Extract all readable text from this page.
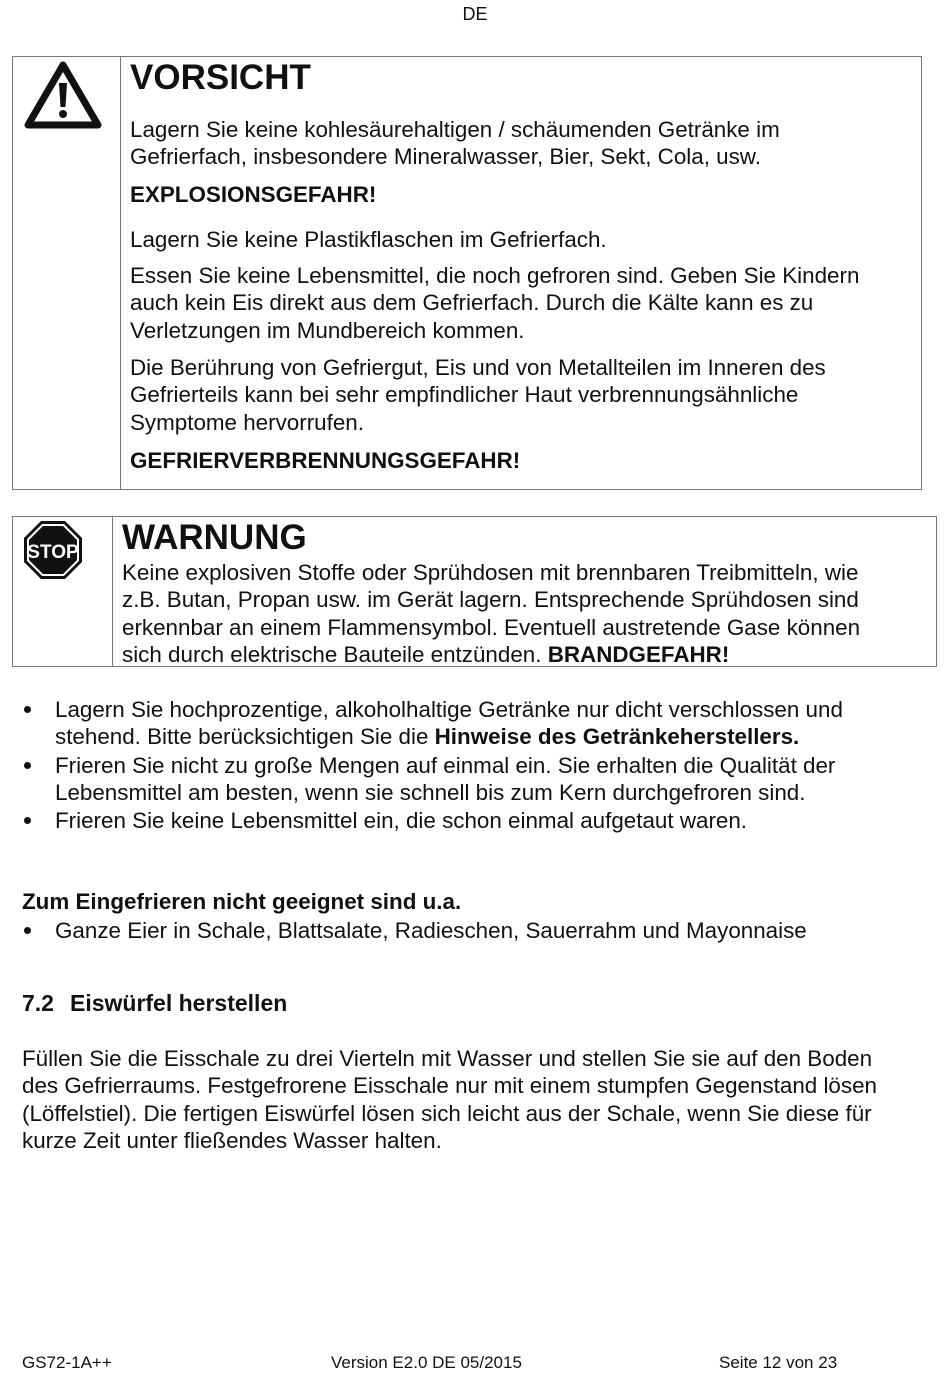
DE
VORSICHT
Lagern Sie keine kohlesäurehaltigen / schäumenden Getränke im
Gefrierfach, insbesondere Mineralwasser, Bier, Sekt, Cola, usw.
EXPLOSIONSGEFAHR!
Lagern Sie keine Plastikflaschen im Gefrierfach.
Essen Sie keine Lebensmittel, die noch gefroren sind. Geben Sie Kindern
auch kein Eis direkt aus dem Gefrierfach. Durch die Kälte kann es zu
Verletzungen im Mundbereich kommen.
Die Berührung von Gefriergut, Eis und von Metallteilen im Inneren des
Gefrierteils kann bei sehr empfindlicher Haut verbrennungsähnliche
Symptome hervorrufen.
GEFRIERVERBRENNUNGSGEFAHR!
STOP WARNUNG
Keine explosiven Stoffe oder Sprühdosen mit brennbaren Treibmitteln, wie
z.B. Butan, Propan usw. im Gerät lagern. Entsprechende Sprühdosen sind
erkennbar an einem Flammensymbol. Eventuell austretende Gase können
sich durch elektrische Bauteile entzünden. BRANDGEFAHR!
Lagern Sie hochprozentige, alkoholhaltige Getränke nur dicht verschlossen und
stehend. Bitte berücksichtigen Sie die Hinweise des Getränkeherstellers.
Frieren Sie nicht zu große Mengen auf einmal ein. Sie erhalten die Qualität der
Lebensmittel am besten, wenn sie schnell bis zum Kern durchgefroren sind.
Frieren Sie keine Lebensmittel ein, die schon einmal aufgetaut waren.
Zum Eingefrieren nicht geeignet sind u.a.
Ganze Eier in Schale, Blattsalate, Radieschen, Sauerrahm und Mayonnaise
7.2 Eiswürfel herstellen
Füllen Sie die Eisschale zu drei Vierteln mit Wasser und stellen Sie sie auf den Boden
des Gefrierraums. Festgefrorene Eisschale nur mit einem stumpfen Gegenstand lösen
(Löffelstiel). Die fertigen Eiswürfel lösen sich leicht aus der Schale, wenn Sie diese für
kurze Zeit unter fließendes Wasser halten.
GS72-1A++	Version E2.0 DE 05/2015	Seite 12 von 23
